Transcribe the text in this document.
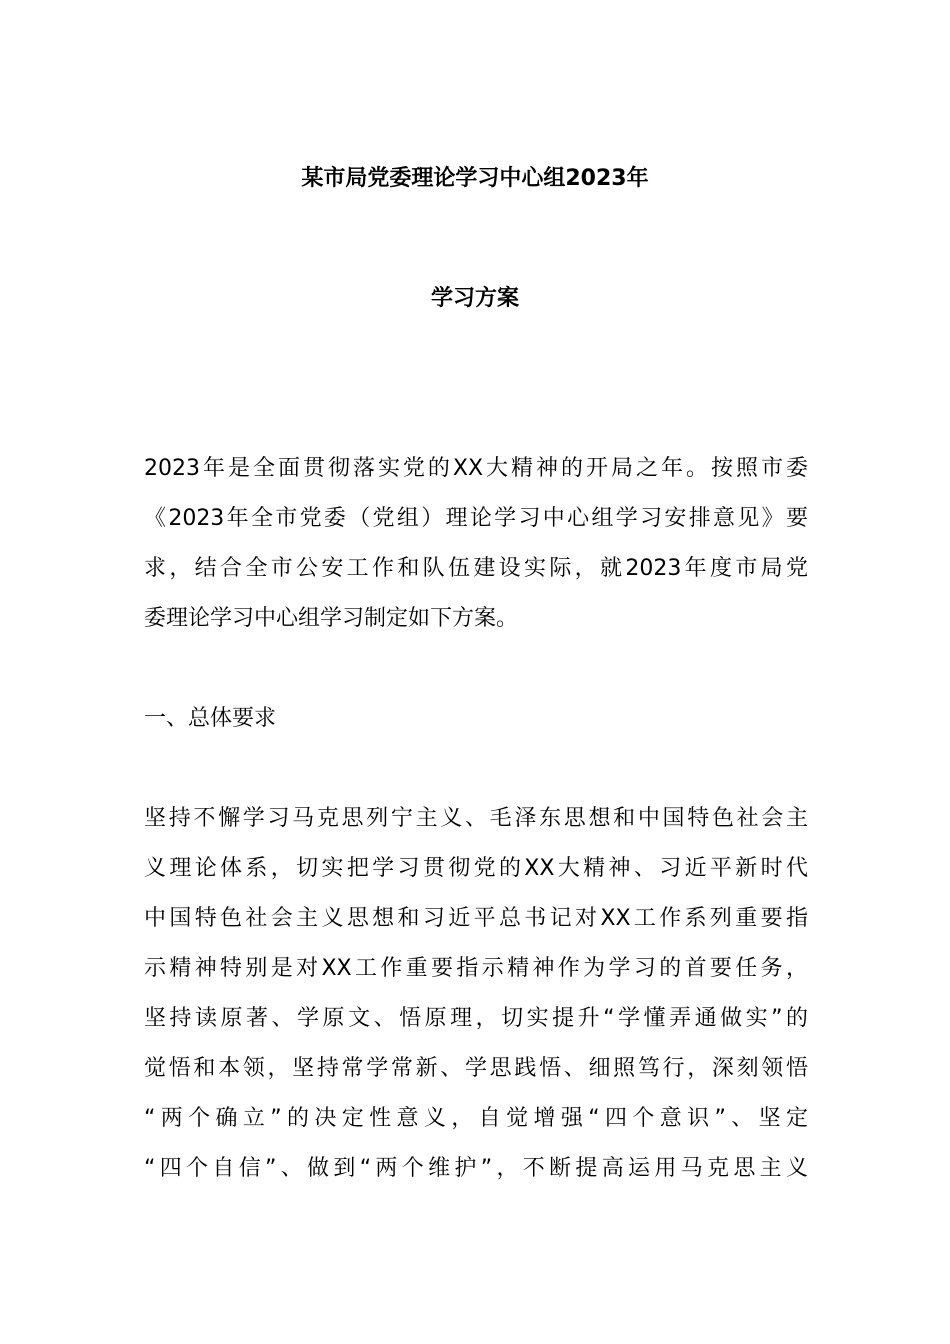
某市局党委理论学习中心组2023年
学习方案
2023年是全面贯彻落实党的XX大精神的开局之年。按照市委
《2023年全市党委（党组）理论学习中心组学习安排意见》要
求，结合全市公安工作和队伍建设实际，就2023年度市局党
委理论学习中心组学习制定如下方案。
一、总体要求
坚持不懈学习马克思列宁主义、毛泽东思想和中国特色社会主
义理论体系，切实把学习贯彻党的XX大精神、习近平新时代
中国特色社会主义思想和习近平总书记对XX工作系列重要指
示精神特别是对XX工作重要指示精神作为学习的首要任务，
坚持读原著、学原文、悟原理，切实提升“学懂弄通做实”的
觉悟和本领，坚持常学常新、学思践悟、细照笃行，深刻领悟
“两个确立”的决定性意义，自觉增强“四个意识”、坚定
“四个自信”、做到“两个维护”，不断提高运用马克思主义
